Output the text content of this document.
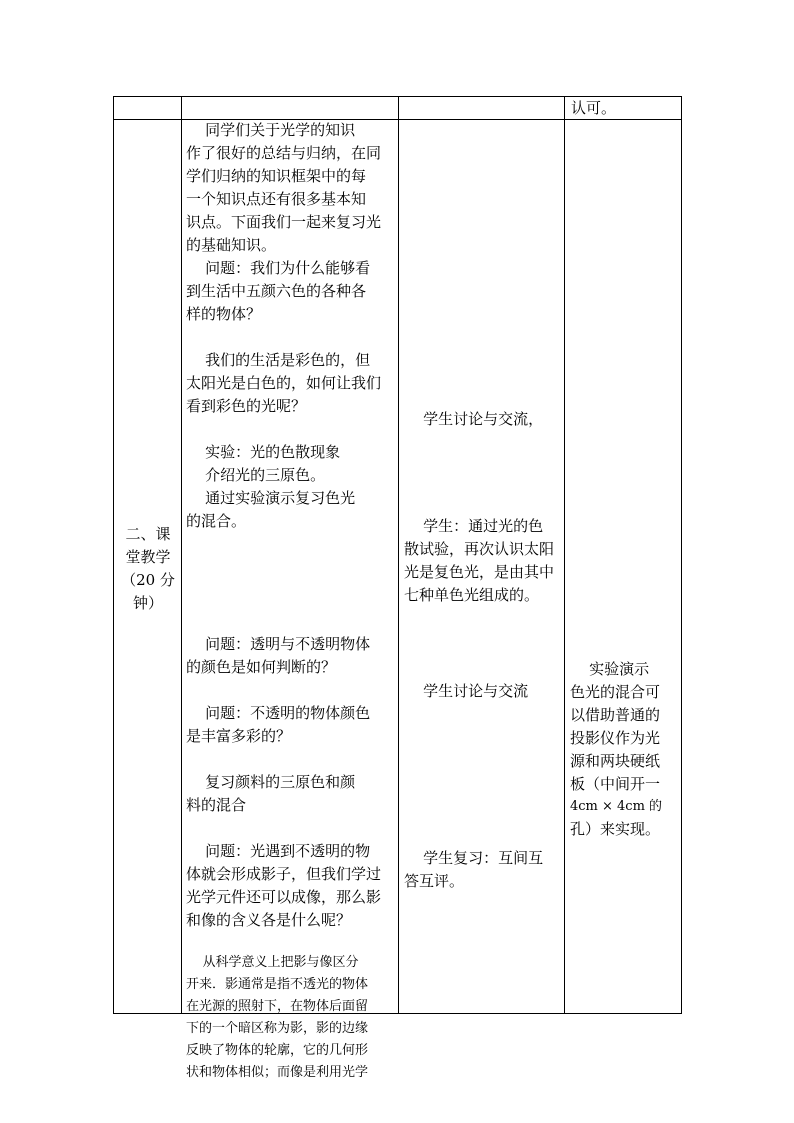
认可。

二、课

堂教学

（20 分

钟）

同学们关于光学的知识

作了很好的总结与归纳，在同

学们归纳的知识框架中的每

一个知识点还有很多基本知

识点。下面我们一起来复习光

的基础知识。

问题：我们为什么能够看

到生活中五颜六色的各种各

样的物体？

我们的生活是彩色的，但

太阳光是白色的，如何让我们

看到彩色的光呢？

实验：光的色散现象

介绍光的三原色。

通过实验演示复习色光

的混合。

问题：透明与不透明物体

的颜色是如何判断的？

问题：不透明的物体颜色

是丰富多彩的？

复习颜料的三原色和颜

料的混合

问题：光遇到不透明的物

体就会形成影子，但我们学过

光学元件还可以成像，那么影

和像的含义各是什么呢？

从科学意义上把影与像区分

开来．影通常是指不透光的物体

在光源的照射下，在物体后面留

下的一个暗区称为影，影的边缘

反映了物体的轮廓，它的几何形

状和物体相似；而像是利用光学

学生讨论与交流，

学生：通过光的色

散试验，再次认识太阳

光是复色光，是由其中

七种单色光组成的。

学生讨论与交流

学生复习：互间互

答互评。

实验演示

色光的混合可

以借助普通的

投影仪作为光

源和两块硬纸

板（中间开一

4cm × 4cm 的

孔）来实现。
